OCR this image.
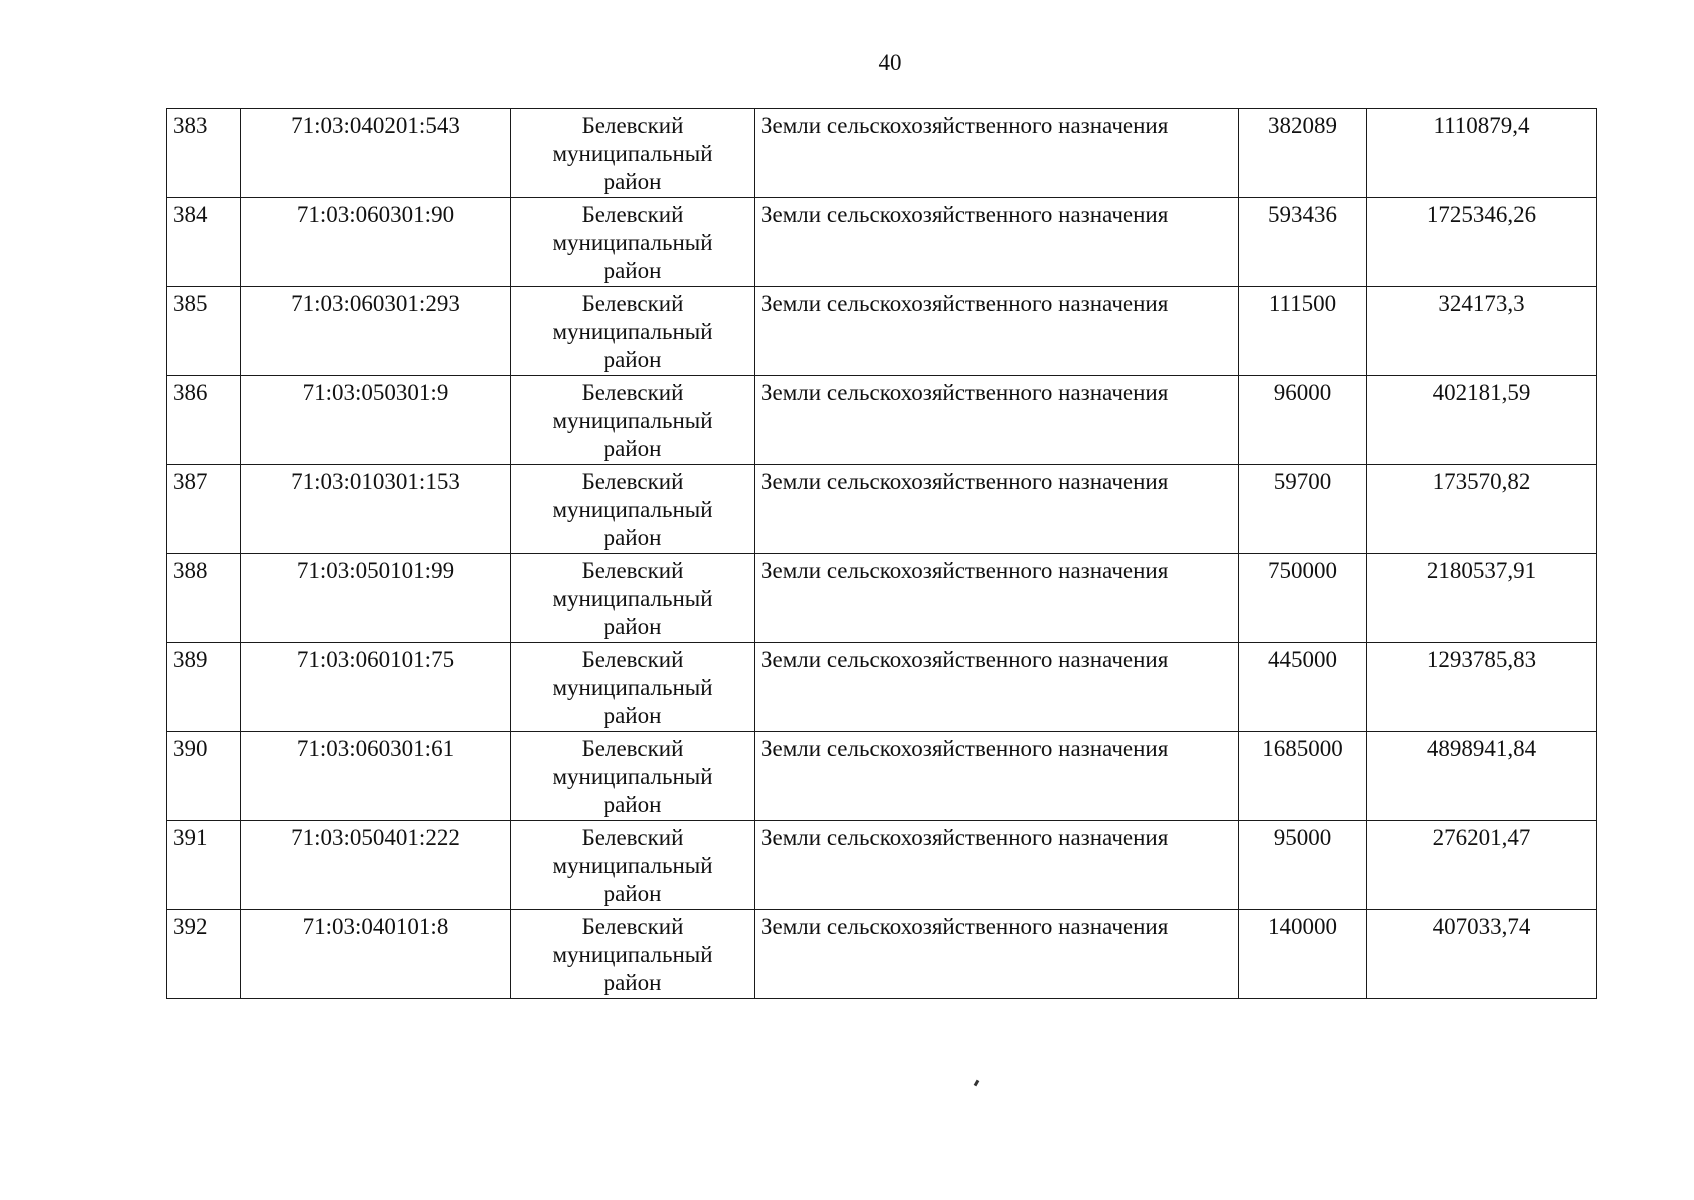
40
383	71:03:040201:543	Белевский
муниципальный
район	Земли сельскохозяйственного назначения	382089	1110879,4
384	71:03:060301:90	Белевский
муниципальный
район	Земли сельскохозяйственного назначения	593436	1725346,26
385	71:03:060301:293	Белевский
муниципальный
район	Земли сельскохозяйственного назначения	111500	324173,3
386	71:03:050301:9	Белевский
муниципальный
район	Земли сельскохозяйственного назначения	96000	402181,59
387	71:03:010301:153	Белевский
муниципальный
район	Земли сельскохозяйственного назначения	59700	173570,82
388	71:03:050101:99	Белевский
муниципальный
район	Земли сельскохозяйственного назначения	750000	2180537,91
389	71:03:060101:75	Белевский
муниципальный
район	Земли сельскохозяйственного назначения	445000	1293785,83
390	71:03:060301:61	Белевский
муниципальный
район	Земли сельскохозяйственного назначения	1685000	4898941,84
391	71:03:050401:222	Белевский
муниципальный
район	Земли сельскохозяйственного назначения	95000	276201,47
392	71:03:040101:8	Белевский
муниципальный
район	Земли сельскохозяйственного назначения	140000	407033,74
